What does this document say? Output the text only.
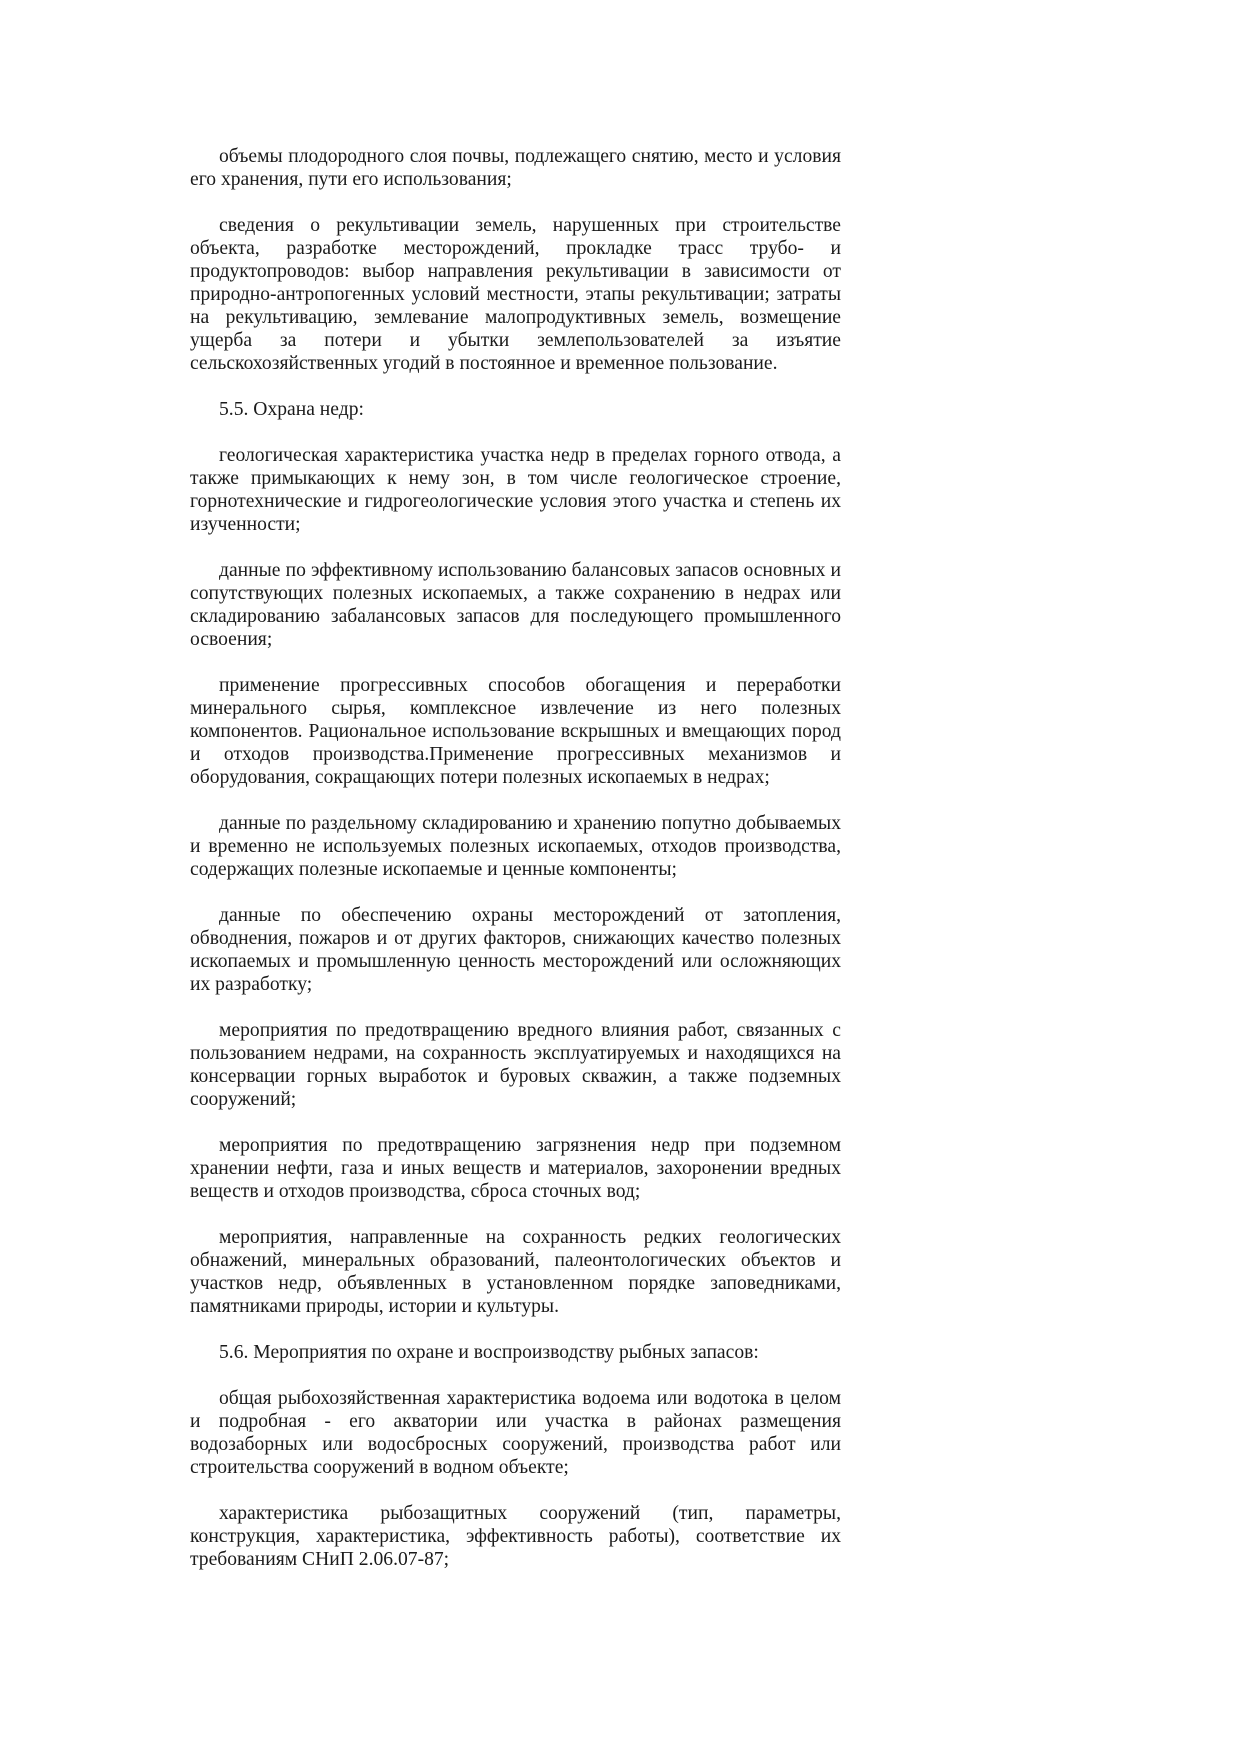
объемы плодородного слоя почвы, подлежащего снятию, место и условия его хранения, пути его использования;

сведения о рекультивации земель, нарушенных при строительстве объекта, разработке месторождений, прокладке трасс трубо- и продуктопроводов: выбор направления рекультивации в зависимости от природно-антропогенных условий местности, этапы рекультивации; затраты на рекультивацию, землевание малопродуктивных земель, возмещение ущерба за потери и убытки землепользователей за изъятие сельскохозяйственных угодий в постоянное и временное пользование.

5.5. Охрана недр:

геологическая характеристика участка недр в пределах горного отвода, а также примыкающих к нему зон, в том числе геологическое строение, горнотехнические и гидрогеологические условия этого участка и степень их изученности;

данные по эффективному использованию балансовых запасов основных и сопутствующих полезных ископаемых, а также сохранению в недрах или складированию забалансовых запасов для последующего промышленного освоения;

применение прогрессивных способов обогащения и переработки минерального сырья, комплексное извлечение из него полезных компонентов. Рациональное использование вскрышных и вмещающих пород и отходов производства.Применение прогрессивных механизмов и оборудования, сокращающих потери полезных ископаемых в недрах;

данные по раздельному складированию и хранению попутно добываемых и временно не используемых полезных ископаемых, отходов производства, содержащих полезные ископаемые и ценные компоненты;

данные по обеспечению охраны месторождений от затопления, обводнения, пожаров и от других факторов, снижающих качество полезных ископаемых и промышленную ценность месторождений или осложняющих их разработку;

мероприятия по предотвращению вредного влияния работ, связанных с пользованием недрами, на сохранность эксплуатируемых и находящихся на консервации горных выработок и буровых скважин, а также подземных сооружений;

мероприятия по предотвращению загрязнения недр при подземном хранении нефти, газа и иных веществ и материалов, захоронении вредных веществ и отходов производства, сброса сточных вод;

мероприятия, направленные на сохранность редких геологических обнажений, минеральных образований, палеонтологических объектов и участков недр, объявленных в установленном порядке заповедниками, памятниками природы, истории и культуры.

5.6. Мероприятия по охране и воспроизводству рыбных запасов:

общая рыбохозяйственная характеристика водоема или водотока в целом и подробная - его акватории или участка в районах размещения водозаборных или водосбросных сооружений, производства работ или строительства сооружений в водном объекте;

характеристика рыбозащитных сооружений (тип, параметры, конструкция, характеристика, эффективность работы), соответствие их требованиям СНиП 2.06.07-87;
